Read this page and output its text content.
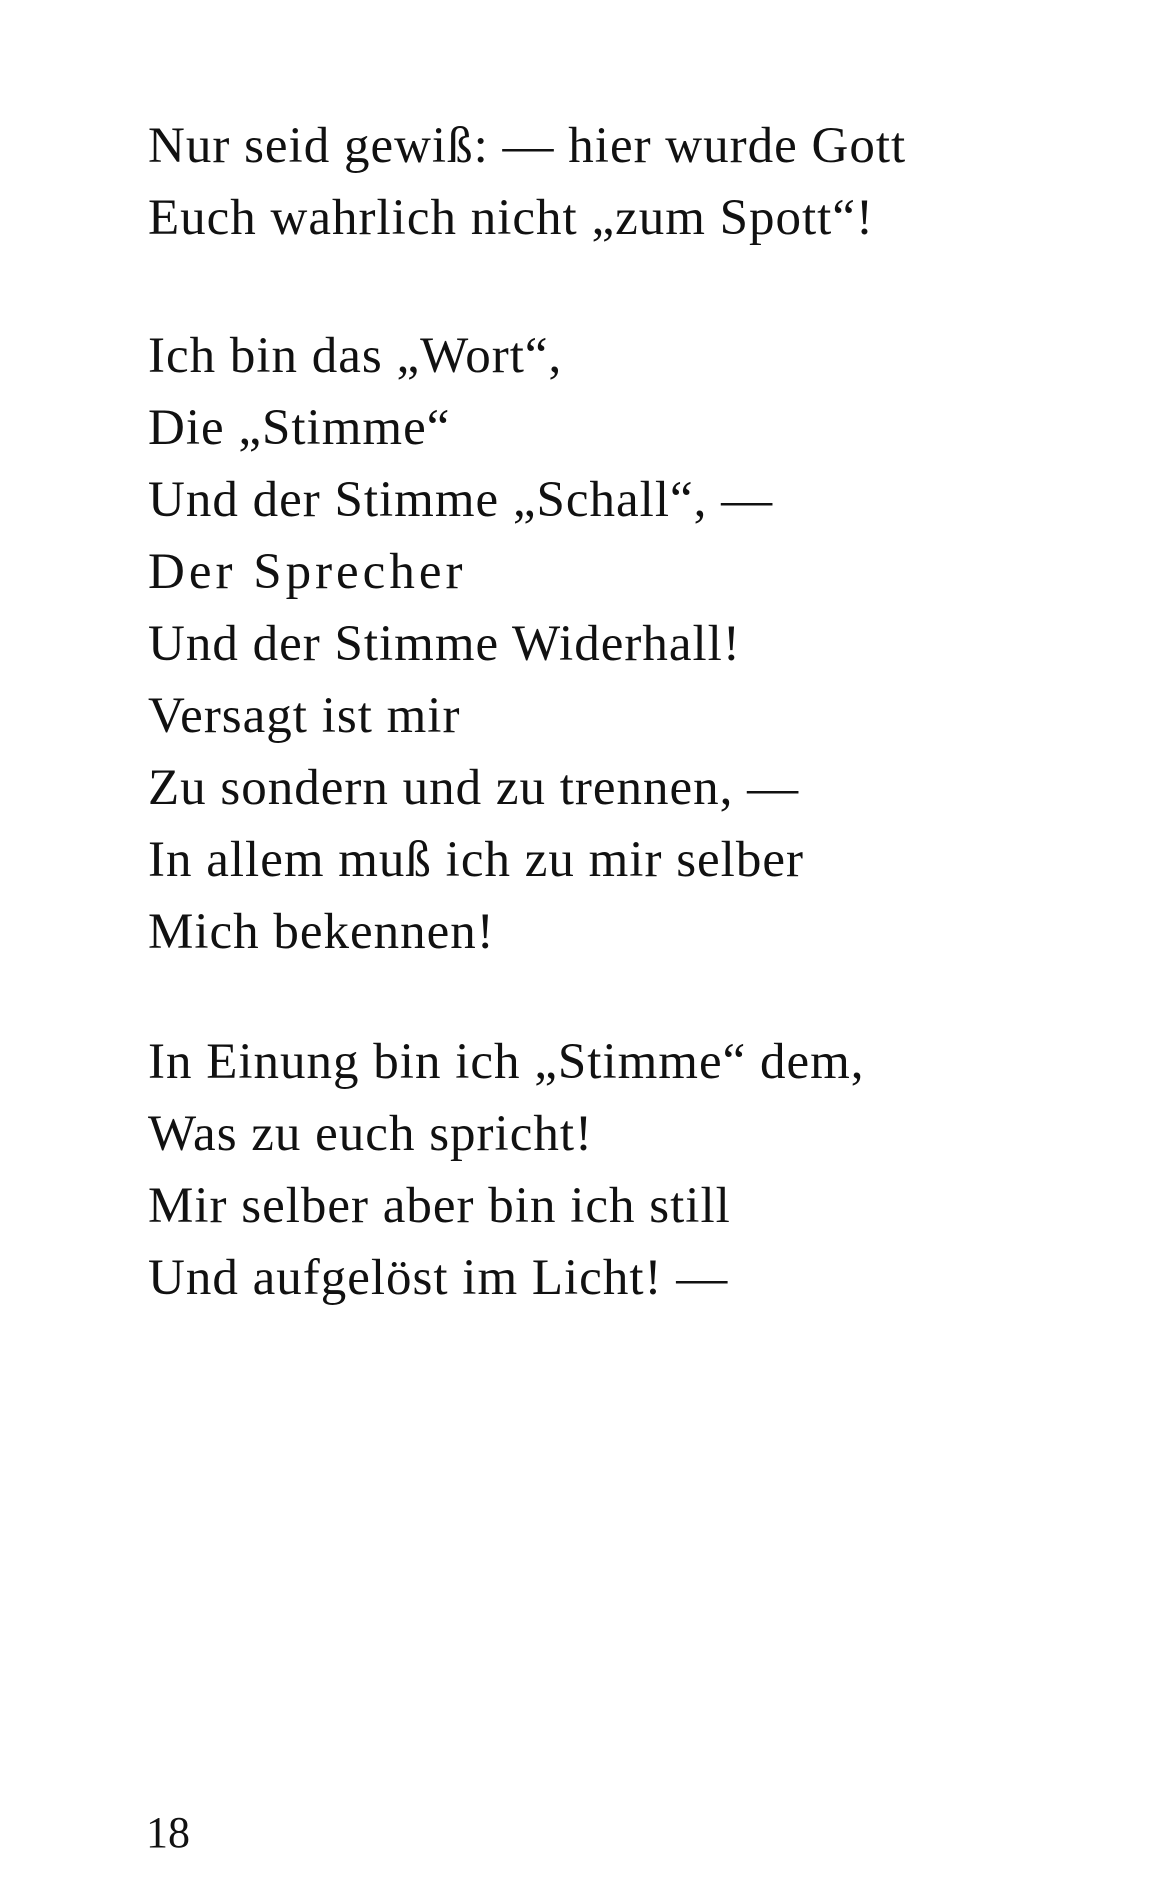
Nur seid gewiß: — hier wurde Gott
Euch wahrlich nicht „zum Spott“!
Ich bin das „Wort“,
Die „Stimme“
Und der Stimme „Schall“, —
Der Sprecher
Und der Stimme Widerhall!
Versagt ist mir
Zu sondern und zu trennen, —
In allem muß ich zu mir selber
Mich bekennen!
In Einung bin ich „Stimme“ dem,
Was zu euch spricht!
Mir selber aber bin ich still
Und aufgelöst im Licht! —
18
